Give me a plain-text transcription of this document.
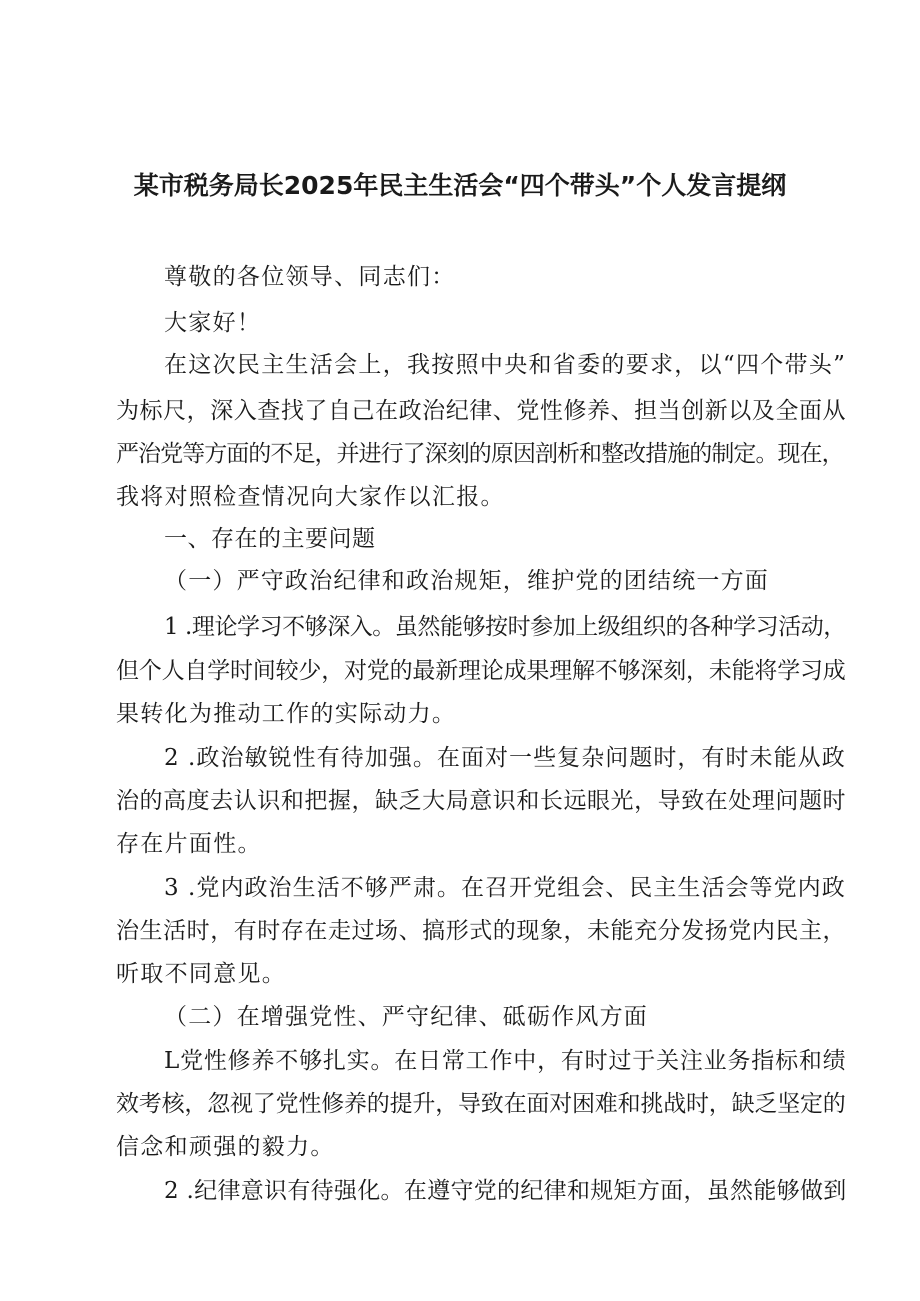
某市税务局长2025年民主生活会“四个带头”个人发言提纲
尊敬的各位领导、同志们：
大家好！
在这次民主生活会上，我按照中央和省委的要求，以“四个带头”
为标尺，深入查找了自己在政治纪律、党性修养、担当创新以及全面从
严治党等方面的不足，并进行了深刻的原因剖析和整改措施的制定。现在，
我将对照检查情况向大家作以汇报。
一、存在的主要问题
（一）严守政治纪律和政治规矩，维护党的团结统一方面
1 .理论学习不够深入。虽然能够按时参加上级组织的各种学习活动，
但个人自学时间较少，对党的最新理论成果理解不够深刻，未能将学习成
果转化为推动工作的实际动力。
2 .政治敏锐性有待加强。在面对一些复杂问题时，有时未能从政
治的高度去认识和把握，缺乏大局意识和长远眼光，导致在处理问题时
存在片面性。
3 .党内政治生活不够严肃。在召开党组会、民主生活会等党内政
治生活时，有时存在走过场、搞形式的现象，未能充分发扬党内民主，
听取不同意见。
（二）在增强党性、严守纪律、砥砺作风方面
L党性修养不够扎实。在日常工作中，有时过于关注业务指标和绩
效考核，忽视了党性修养的提升，导致在面对困难和挑战时，缺乏坚定的
信念和顽强的毅力。
2 .纪律意识有待强化。在遵守党的纪律和规矩方面，虽然能够做到
